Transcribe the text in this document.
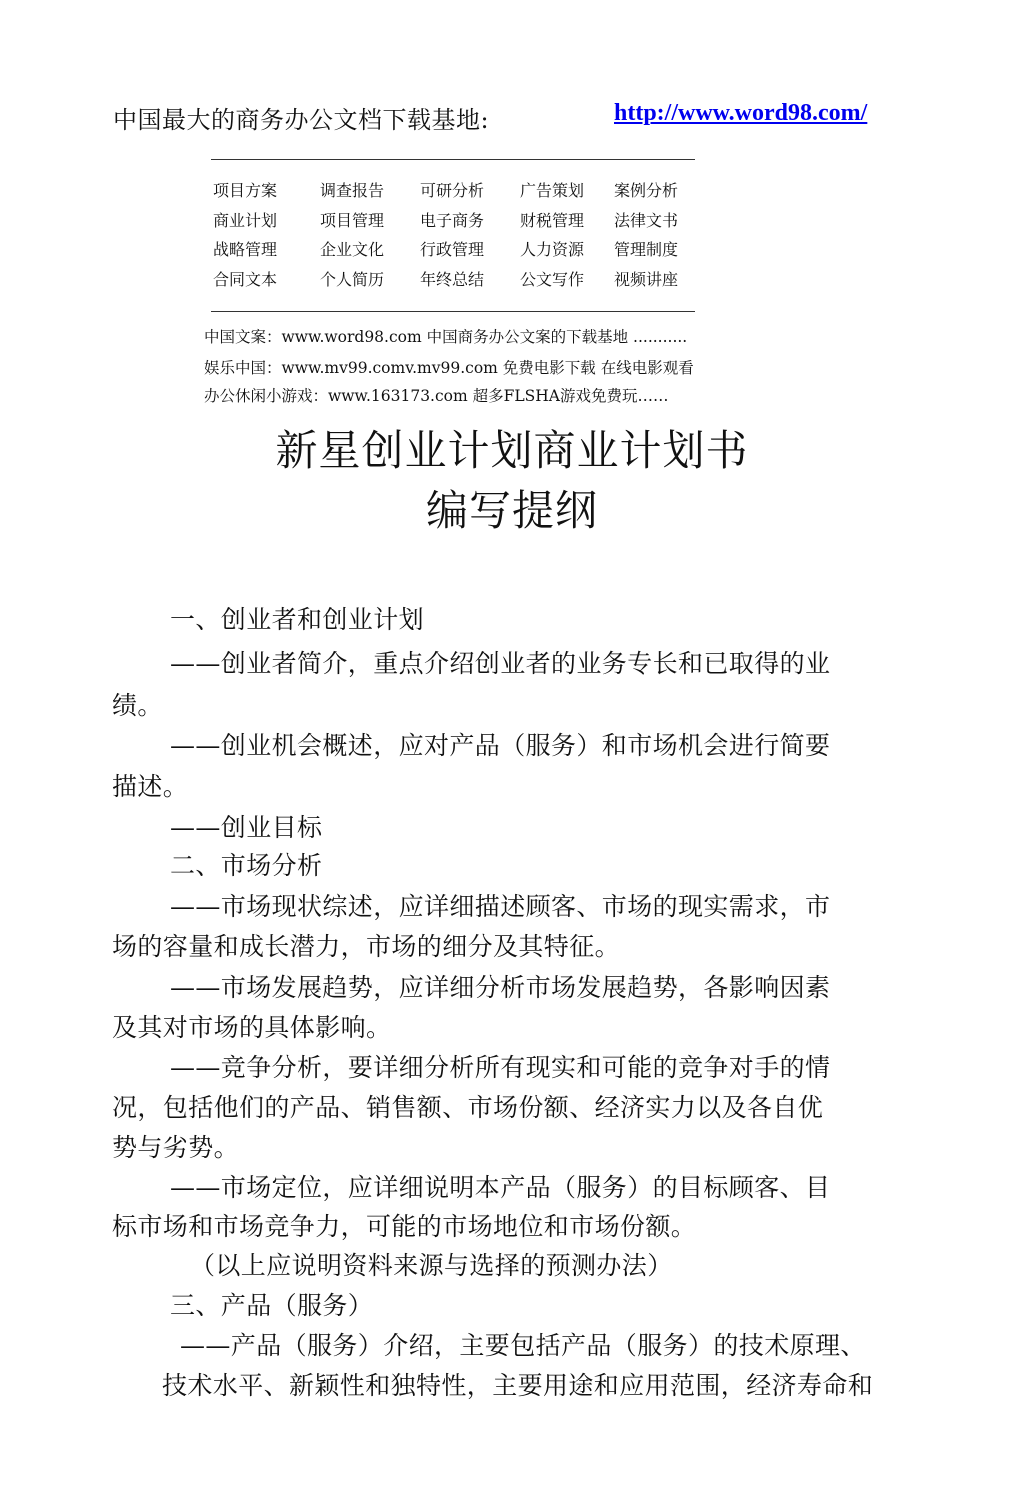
中国最大的商务办公文档下载基地:	http://www.word98.com/
项目方案	调查报告	可研分析	广告策划	案例分析
商业计划	项目管理	电子商务	财税管理	法律文书
战略管理	企业文化	行政管理	人力资源	管理制度
合同文本	个人简历	年终总结	公文写作	视频讲座
中国文案：www.word98.com 中国商务办公文案的下载基地 ...........
娱乐中国：www.mv99.comv.mv99.com 免费电影下载 在线电影观看
办公休闲小游戏：www.163173.com 超多FLSHA游戏免费玩……
新星创业计划商业计划书
编写提纲
一、创业者和创业计划
——创业者简介，重点介绍创业者的业务专长和已取得的业
绩。
——创业机会概述，应对产品（服务）和市场机会进行简要
描述。
——创业目标
二、市场分析
——市场现状综述，应详细描述顾客、市场的现实需求，市
场的容量和成长潜力，市场的细分及其特征。
——市场发展趋势，应详细分析市场发展趋势，各影响因素
及其对市场的具体影响。
——竞争分析，要详细分析所有现实和可能的竞争对手的情
况，包括他们的产品、销售额、市场份额、经济实力以及各自优
势与劣势。
——市场定位，应详细说明本产品（服务）的目标顾客、目
标市场和市场竞争力，可能的市场地位和市场份额。
（以上应说明资料来源与选择的预测办法）
三、产品（服务）
——产品（服务）介绍，主要包括产品（服务）的技术原理、
技术水平、新颖性和独特性，主要用途和应用范围，经济寿命和
